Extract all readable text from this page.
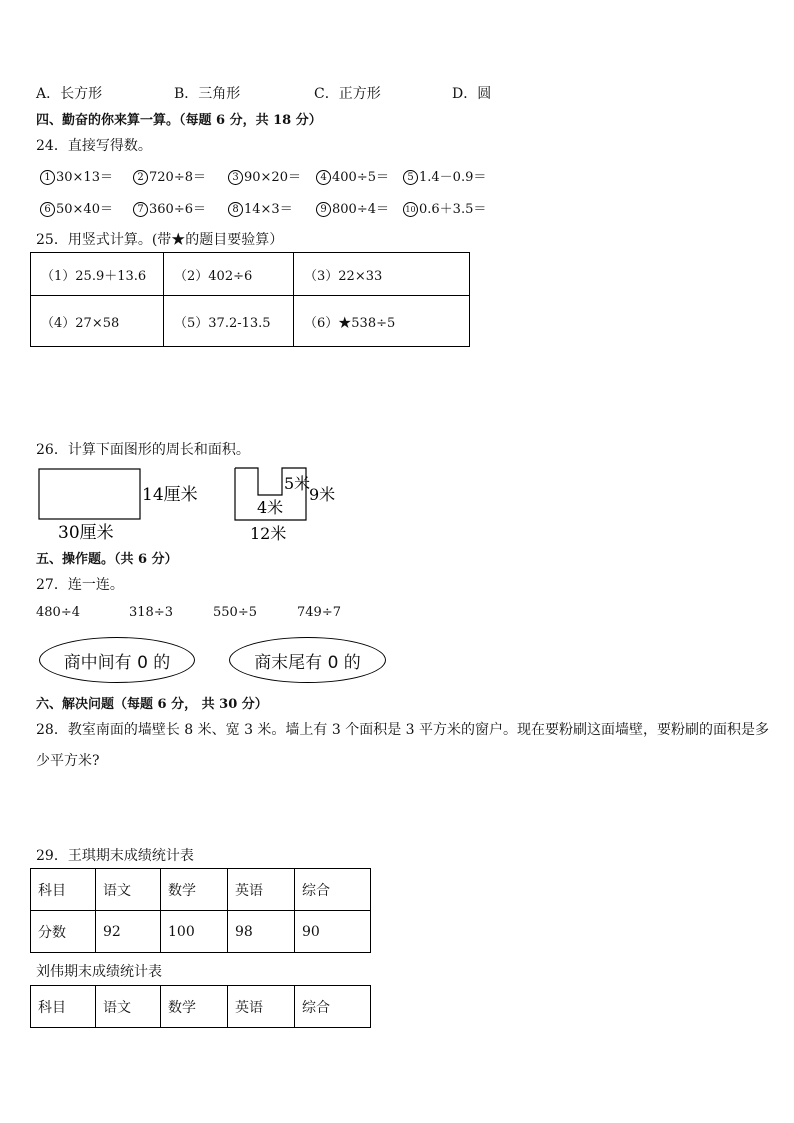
A．长方形	B．三角形	C．正方形	D．圆
四、勤奋的你来算一算。（每题 6 分，共 18 分）
24．直接写得数。
1 30×13＝	2 720÷8＝	3 90×20＝	4 400÷5＝	5 1.4－0.9＝
6 50×40＝	7 360÷6＝	8 14×3＝	9 800÷4＝	10 0.6＋3.5＝
25．用竖式计算。(带★的题目要验算）
（1）25.9＋13.6	（2）402÷6	（3）22×33
（4）27×58	（5）37.2-13.5	（6）★538÷5
26．计算下面图形的周长和面积。
14厘米
30厘米
5米
4米
9米
12米
五、操作题。（共 6 分）
27．连一连。
480÷4	318÷3	550÷5	749÷7
商中间有 0 的	商末尾有 0 的
六、解决问题（每题 6 分， 共 30 分）
28．教室南面的墙壁长 8 米、宽 3 米。墙上有 3 个面积是 3 平方米的窗户。现在要粉刷这面墙壁，要粉刷的面积是多
少平方米?
29．王琪期末成绩统计表
科目	语文	数学	英语	综合
分数	92	100	98	90
刘伟期末成绩统计表
科目	语文	数学	英语	综合
